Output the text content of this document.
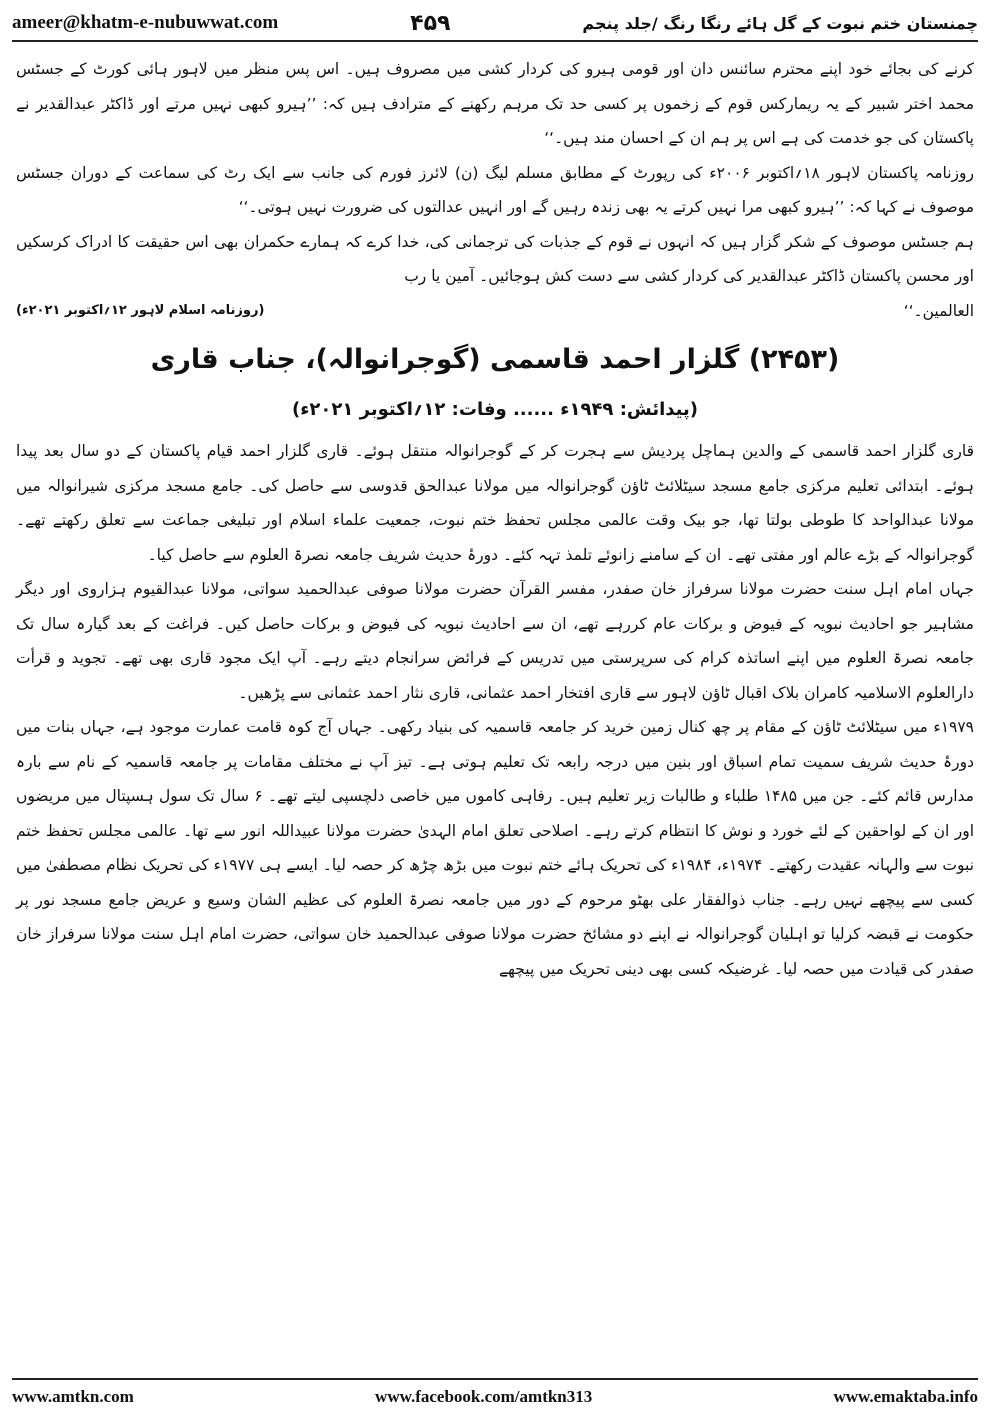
ameer@khatm-e-nubuwwat.com	۴۵۹	چمنستان ختم نبوت کے گل ہائے رنگا رنگ /جلد پنجم

کرنے کی بجائے خود اپنے محترم سائنس دان اور قومی ہیرو کی کردار کشی میں مصروف ہیں۔ اس پس منظر میں لاہور ہائی کورٹ کے جسٹس محمد اختر شبیر کے یہ ریمارکس قوم کے زخموں پر کسی حد تک مرہم رکھنے کے مترادف ہیں کہ: ’’ہیرو کبھی نہیں مرتے اور ڈاکٹر عبدالقدیر نے پاکستان کی جو خدمت کی ہے اس پر ہم ان کے احسان مند ہیں۔‘‘

روزنامہ پاکستان لاہور ۱۸؍اکتوبر ۲۰۰۶ء کی رپورٹ کے مطابق مسلم لیگ (ن) لائرز فورم کی جانب سے ایک رٹ کی سماعت کے دوران جسٹس موصوف نے کہا کہ: ’’ہیرو کبھی مرا نہیں کرتے یہ بھی زندہ رہیں گے اور انہیں عدالتوں کی ضرورت نہیں ہوتی۔‘‘

ہم جسٹس موصوف کے شکر گزار ہیں کہ انہوں نے قوم کے جذبات کی ترجمانی کی، خدا کرے کہ ہمارے حکمران بھی اس حقیقت کا ادراک کرسکیں اور محسن پاکستان ڈاکٹر عبدالقدیر کی کردار کشی سے دست کش ہوجائیں۔ آمین یا رب

العالمین۔‘‘
(روزنامہ اسلام لاہور ۱۲؍اکتوبر ۲۰۲۱ء)
(۲۴۵۳) گلزار احمد قاسمی (گوجرانوالہ)، جناب قاری
(پیدائش: ۱۹۴۹ء ...... وفات: ۱۲؍اکتوبر ۲۰۲۱ء)

قاری گلزار احمد قاسمی کے والدین ہماچل پردیش سے ہجرت کر کے گوجرانوالہ منتقل ہوئے۔ قاری گلزار احمد قیام پاکستان کے دو سال بعد پیدا ہوئے۔ ابتدائی تعلیم مرکزی جامع مسجد سیٹلائٹ ٹاؤن گوجرانوالہ میں مولانا عبدالحق قدوسی سے حاصل کی۔ جامع مسجد مرکزی شیرانوالہ میں مولانا عبدالواحد کا طوطی بولتا تھا، جو بیک وقت عالمی مجلس تحفظ ختم نبوت، جمعیت علماء اسلام اور تبلیغی جماعت سے تعلق رکھتے تھے۔ گوجرانوالہ کے بڑے عالم اور مفتی تھے۔ ان کے سامنے زانوئے تلمذ تہہ کئے۔ دورۂ حدیث شریف جامعہ نصرۃ العلوم سے حاصل کیا۔

جہاں امام اہل سنت حضرت مولانا سرفراز خان صفدر، مفسر القرآن حضرت مولانا صوفی عبدالحمید سواتی، مولانا عبدالقیوم ہزاروی اور دیگر مشاہیر جو احادیث نبویہ کے فیوض و برکات عام کررہے تھے، ان سے احادیث نبویہ کی فیوض و برکات حاصل کیں۔ فراغت کے بعد گیارہ سال تک جامعہ نصرۃ العلوم میں اپنے اساتذہ کرام کی سرپرستی میں تدریس کے فرائض سرانجام دیتے رہے۔ آپ ایک مجود قاری بھی تھے۔ تجوید و قرأت دارالعلوم الاسلامیہ کامران بلاک اقبال ٹاؤن لاہور سے قاری افتخار احمد عثمانی، قاری نثار احمد عثمانی سے پڑھیں۔

۱۹۷۹ء میں سیٹلائٹ ٹاؤن کے مقام پر چھ کنال زمین خرید کر جامعہ قاسمیہ کی بنیاد رکھی۔ جہاں آج کوہ قامت عمارت موجود ہے، جہاں بنات میں دورۂ حدیث شریف سمیت تمام اسباق اور بنین میں درجہ رابعہ تک تعلیم ہوتی ہے۔ تیز آپ نے مختلف مقامات پر جامعہ قاسمیہ کے نام سے بارہ مدارس قائم کئے۔ جن میں ۱۴۸۵ طلباء و طالبات زیر تعلیم ہیں۔ رفاہی کاموں میں خاصی دلچسپی لیتے تھے۔ ۶ سال تک سول ہسپتال میں مریضوں اور ان کے لواحقین کے لئے خورد و نوش کا انتظام کرتے رہے۔ اصلاحی تعلق امام الہدیٰ حضرت مولانا عبیداللہ انور سے تھا۔ عالمی مجلس تحفظ ختم نبوت سے والہانہ عقیدت رکھتے۔ ۱۹۷۴ء، ۱۹۸۴ء کی تحریک ہائے ختم نبوت میں بڑھ چڑھ کر حصہ لیا۔ ایسے ہی ۱۹۷۷ء کی تحریک نظام مصطفیٰ میں کسی سے پیچھے نہیں رہے۔ جناب ذوالفقار علی بھٹو مرحوم کے دور میں جامعہ نصرۃ العلوم کی عظیم الشان وسیع و عریض جامع مسجد نور پر حکومت نے قبضہ کرلیا تو اہلیان گوجرانوالہ نے اپنے دو مشائخ حضرت مولانا صوفی عبدالحمید خان سواتی، حضرت امام اہل سنت مولانا سرفراز خان صفدر کی قیادت میں حصہ لیا۔ غرضیکہ کسی بھی دینی تحریک میں پیچھے

www.amtkn.com	www.facebook.com/amtkn313	www.emaktaba.info
